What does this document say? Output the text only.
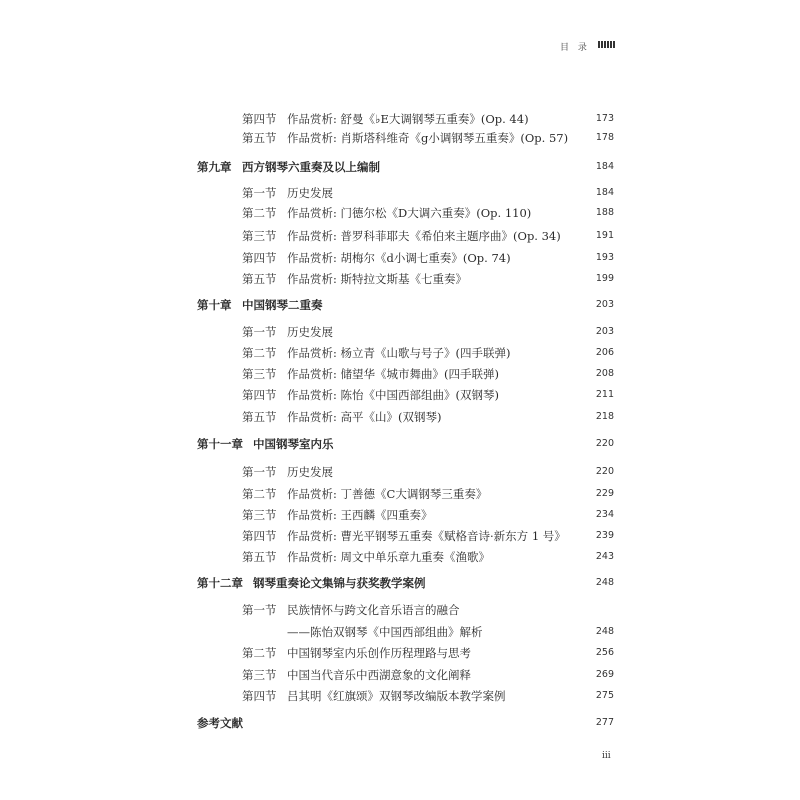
目 录
第四节 作品赏析: 舒曼《♭E大调钢琴五重奏》(Op. 44)	173
第五节 作品赏析: 肖斯塔科维奇《g小调钢琴五重奏》(Op. 57)	178
第九章 西方钢琴六重奏及以上编制	184
第一节 历史发展	184
第二节 作品赏析: 门德尔松《D大调六重奏》(Op. 110)	188
第三节 作品赏析: 普罗科菲耶夫《希伯来主题序曲》(Op. 34)	191
第四节 作品赏析: 胡梅尔《d小调七重奏》(Op. 74)	193
第五节 作品赏析: 斯特拉文斯基《七重奏》	199
第十章 中国钢琴二重奏	203
第一节 历史发展	203
第二节 作品赏析: 杨立青《山歌与号子》(四手联弹)	206
第三节 作品赏析: 储望华《城市舞曲》(四手联弹)	208
第四节 作品赏析: 陈怡《中国西部组曲》(双钢琴)	211
第五节 作品赏析: 高平《山》(双钢琴)	218
第十一章 中国钢琴室内乐	220
第一节 历史发展	220
第二节 作品赏析: 丁善德《C大调钢琴三重奏》	229
第三节 作品赏析: 王西麟《四重奏》	234
第四节 作品赏析: 曹光平钢琴五重奏《赋格音诗·新东方 1 号》	239
第五节 作品赏析: 周文中单乐章九重奏《渔歌》	243
第十二章 钢琴重奏论文集锦与获奖教学案例	248
第一节 民族情怀与跨文化音乐语言的融合
——陈怡双钢琴《中国西部组曲》解析	248
第二节 中国钢琴室内乐创作历程理路与思考	256
第三节 中国当代音乐中西湖意象的文化阐释	269
第四节 吕其明《红旗颂》双钢琴改编版本教学案例	275
参考文献	277
iii
